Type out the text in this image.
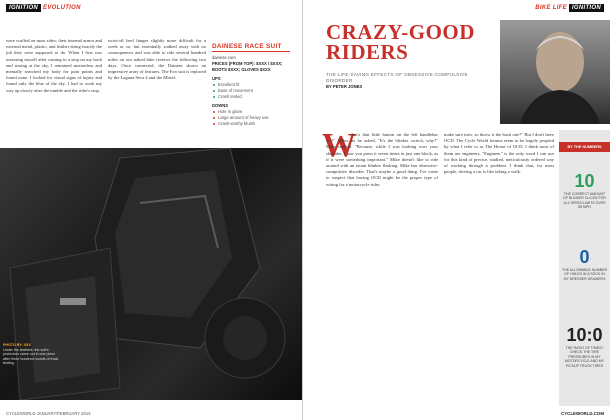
IGNITION EVOLUTION
were scuffed on most sides; their internal armor and external metal, plastic, and leather doing exactly the job they were supposed to do. When I first was assessing myself after coming to a stop on my back and staring at the sky, I remained motionless and mentally searched my body for pain points and found none. I looked for visual signs of injury and found only the blue of the sky. I had to work my way up slowly after the tumble and the rider's stop.
twist-off heel hinges slightly more difficult for a week or so, but essentially walked away with no consequences and was able to ride several hundred miles on our naked bike reviews the following two days. Once connected, the Dainese shows an impressive array of features. The Evo suit is replaced by the Laguna Seca 4 and the Mistel.
DAINESE RACE SUIT
dainese.com
PRICES (FROM TOP): $XXX / $XXX; BOOTS $XXX; GLOVES $XXX
UPS
Excellent fit
Ease of movement
Crash tested
DOWNS
Hole in glove
Large amount of heavy use
Crash-worthy bluish
PHOTO BY: XXX
Under the leathers: the suit's protectors came out in one piece after three hundred rounds of track testing.
CYCLEWORLD JANUARY/FEBRUARY 2013
BIKE LIFE IGNITION
CRAZY-GOOD
RIDERS
THE LIFE-SAVING EFFECTS OF OBSESSIVE-COMPULSIVE DISORDER
BY PETER JONES
W
hat's that little button on the left handlebar for?" Miles, as he asked, "It's the blinker switch, why?" Mike replied. "Because, while I was looking over your shoulder, I saw you press it seven times in just one block, as if it were something important." Mike doesn't like to ride around with an errant blinker flashing. Mike has obsessive-compulsive disorder. That's maybe a good thing. I've come to suspect that having OCD might be the proper type of wiring for a motorcycle rider.
make sure tires, so throw it the back one?" But I don't have OCD. The Cycle World forums seem to be largely peopled by what I refer to as The House of OCD. I think most of them are engineers. "Engineer" is the only word I can use for this kind of precise, studied, meticulously ordered way of working through a problem. I think that, for most people, driving a car is like taking a walk.
BY THE NUMBERS
10
THE CORRECT AMOUNT OF BLINKER CLICKS FOR ALL SPEED LIMITS OVER 55 MPH
0
THE ALLOWABLE NUMBER OF HOLES IN A SOCK IN MY DRESSER DRAWERS
10:0
THE RATIO OF TIMES I CHECK THE TIRE PRESSURES IN MY MOTORCYCLE AND MY PICKUP TRUCK TIRES
CYCLEWORLD.COM
